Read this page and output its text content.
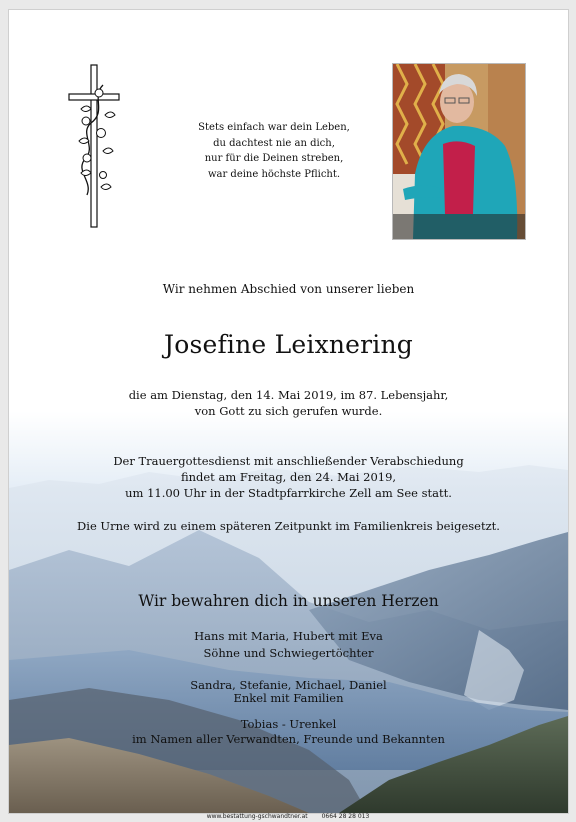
Stets einfach war dein Leben,
du dachtest nie an dich,
nur für die Deinen streben,
war deine höchste Pflicht.
Wir nehmen Abschied von unserer lieben
Josefine Leixnering
die am Dienstag, den 14. Mai 2019, im 87. Lebensjahr,
von Gott zu sich gerufen wurde.
Der Trauergottesdienst mit anschließender Verabschiedung
findet am Freitag, den 24. Mai 2019,
um 11.00 Uhr in der Stadtpfarrkirche Zell am See statt.
Die Urne wird zu einem späteren Zeitpunkt im Familienkreis beigesetzt.
Wir bewahren dich in unseren Herzen
Hans mit Maria, Hubert mit Eva
Söhne und Schwiegertöchter
Sandra, Stefanie, Michael, Daniel
Enkel mit Familien
Tobias - Urenkel
im Namen aller Verwandten, Freunde und Bekannten
www.bestattung-gschwandtner.at 0664 28 28 013
